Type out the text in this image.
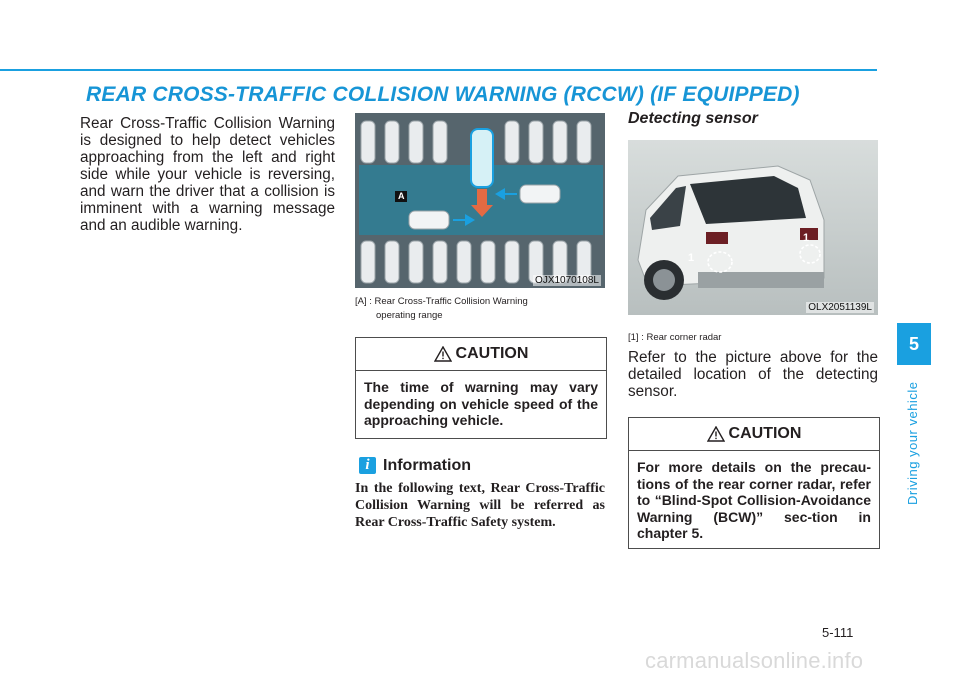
REAR CROSS-TRAFFIC COLLISION WARNING (RCCW) (IF EQUIPPED)

Rear Cross-Traffic Collision Warning is designed to help detect vehicles approaching from the left and right side while your vehicle is reversing, and warn the driver that a collision is imminent with a warning message and an audible warning.

A
OJX1070108L

[A] : Rear Cross-Traffic Collision Warning

operating range

CAUTION
The time of warning may vary depending on vehicle speed of the approaching vehicle.
i Information

In the following text, Rear Cross-Traffic Collision Warning will be referred as Rear Cross-Traffic Safety system.

Detecting sensor
1
1
OLX2051139L

[1] : Rear corner radar

Refer to the picture above for the detailed location of the detecting sensor.

CAUTION
For more details on the precau-tions of the rear corner radar, refer to “Blind-Spot Collision-Avoidance Warning (BCW)” sec-tion in chapter 5.
5
Driving your vehicle

5-111

carmanualsonline.info
